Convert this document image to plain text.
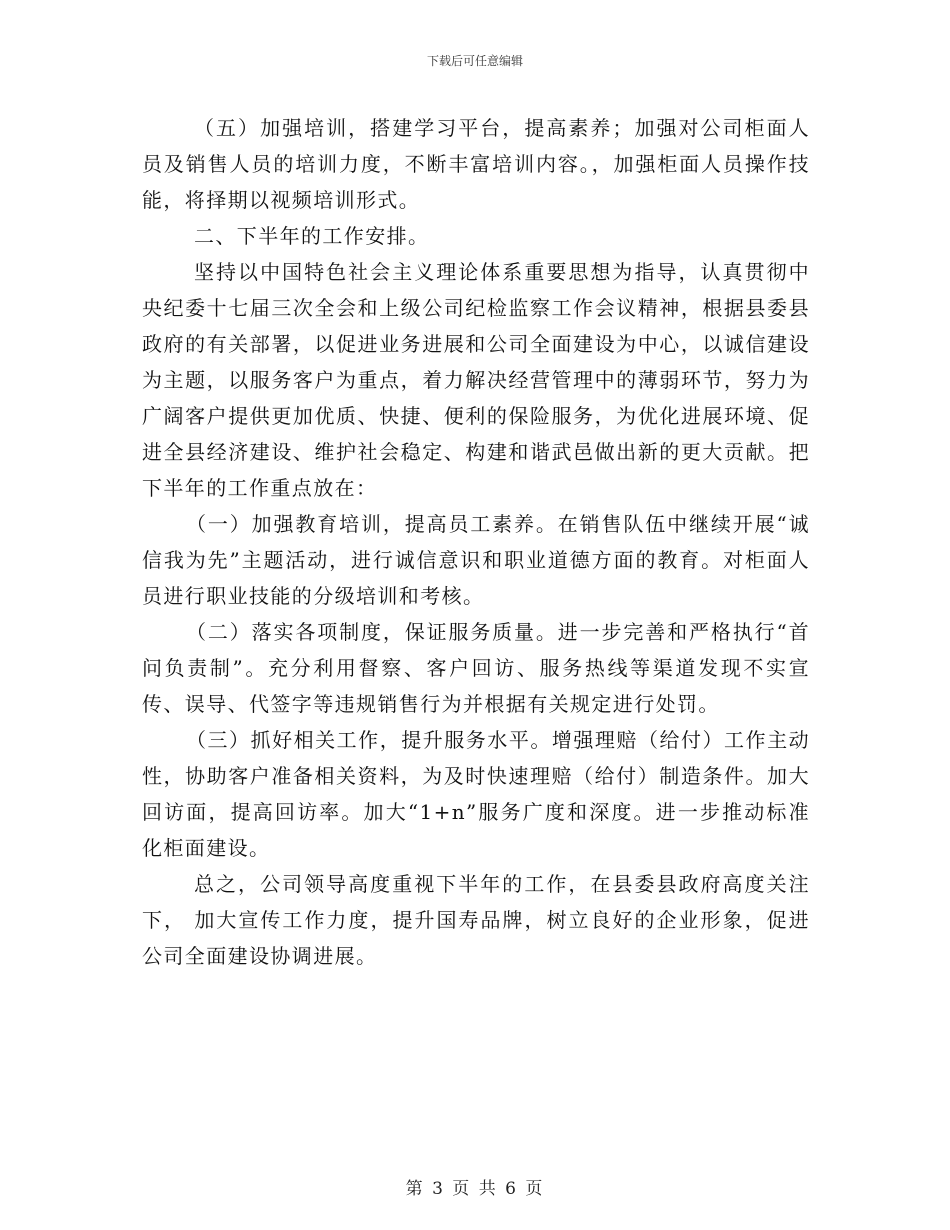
下载后可任意编辑

（五）加强培训，搭建学习平台，提高素养；加强对公司柜面人员及销售人员的培训力度，不断丰富培训内容。，加强柜面人员操作技能，将择期以视频培训形式。

二、下半年的工作安排。

坚持以中国特色社会主义理论体系重要思想为指导，认真贯彻中央纪委十七届三次全会和上级公司纪检监察工作会议精神，根据县委县政府的有关部署，以促进业务进展和公司全面建设为中心，以诚信建设为主题，以服务客户为重点，着力解决经营管理中的薄弱环节，努力为广阔客户提供更加优质、快捷、便利的保险服务，为优化进展环境、促进全县经济建设、维护社会稳定、构建和谐武邑做出新的更大贡献。把下半年的工作重点放在：

（一）加强教育培训，提高员工素养。在销售队伍中继续开展“诚信我为先”主题活动，进行诚信意识和职业道德方面的教育。对柜面人员进行职业技能的分级培训和考核。

（二）落实各项制度，保证服务质量。进一步完善和严格执行“首问负责制”。充分利用督察、客户回访、服务热线等渠道发现不实宣传、误导、代签字等违规销售行为并根据有关规定进行处罚。

（三）抓好相关工作，提升服务水平。增强理赔（给付）工作主动性，协助客户准备相关资料，为及时快速理赔（给付）制造条件。加大回访面，提高回访率。加大“1+n”服务广度和深度。进一步推动标准化柜面建设。

总之，公司领导高度重视下半年的工作，在县委县政府高度关注下， 加大宣传工作力度，提升国寿品牌，树立良好的企业形象，促进公司全面建设协调进展。

第 3 页 共 6 页
